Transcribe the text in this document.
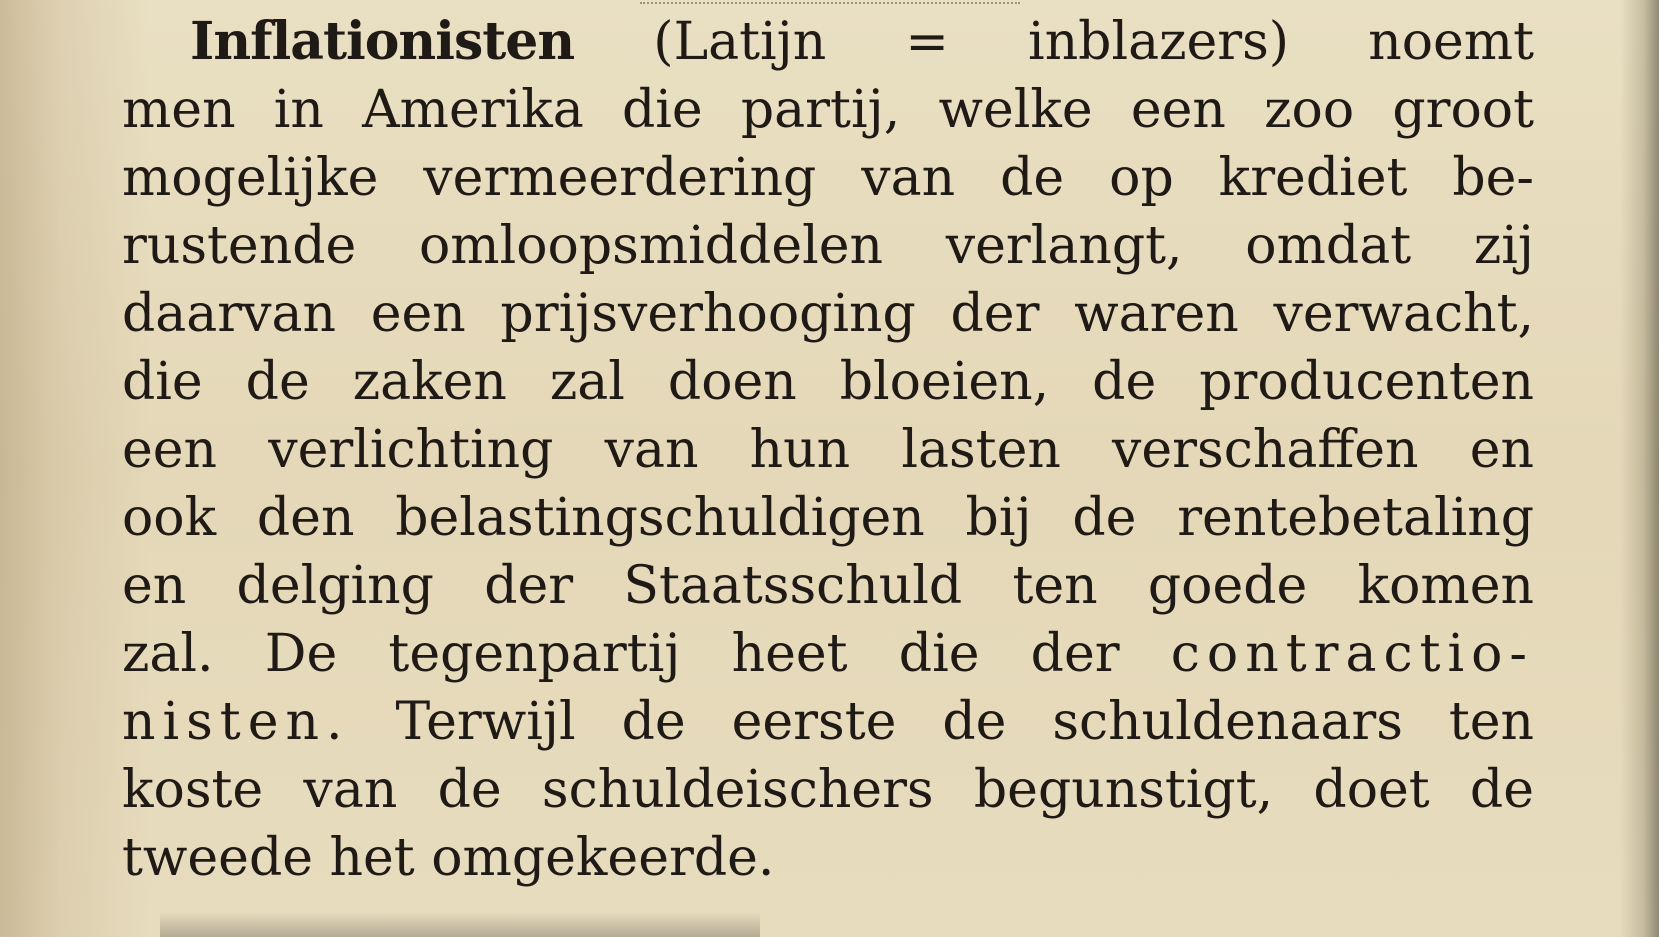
Inflationisten (Latijn = inblazers) noemt
men in Amerika die partij, welke een zoo groot
mogelijke vermeerdering van de op krediet be-
rustende omloopsmiddelen verlangt, omdat zij
daarvan een prijsverhooging der waren verwacht,
die de zaken zal doen bloeien, de producenten
een verlichting van hun lasten verschaffen en
ook den belastingschuldigen bij de rentebetaling
en delging der Staatsschuld ten goede komen
zal. De tegenpartij heet die der contractio-
nisten. Terwijl de eerste de schuldenaars ten
koste van de schuldeischers begunstigt, doet de
tweede het omgekeerde.
